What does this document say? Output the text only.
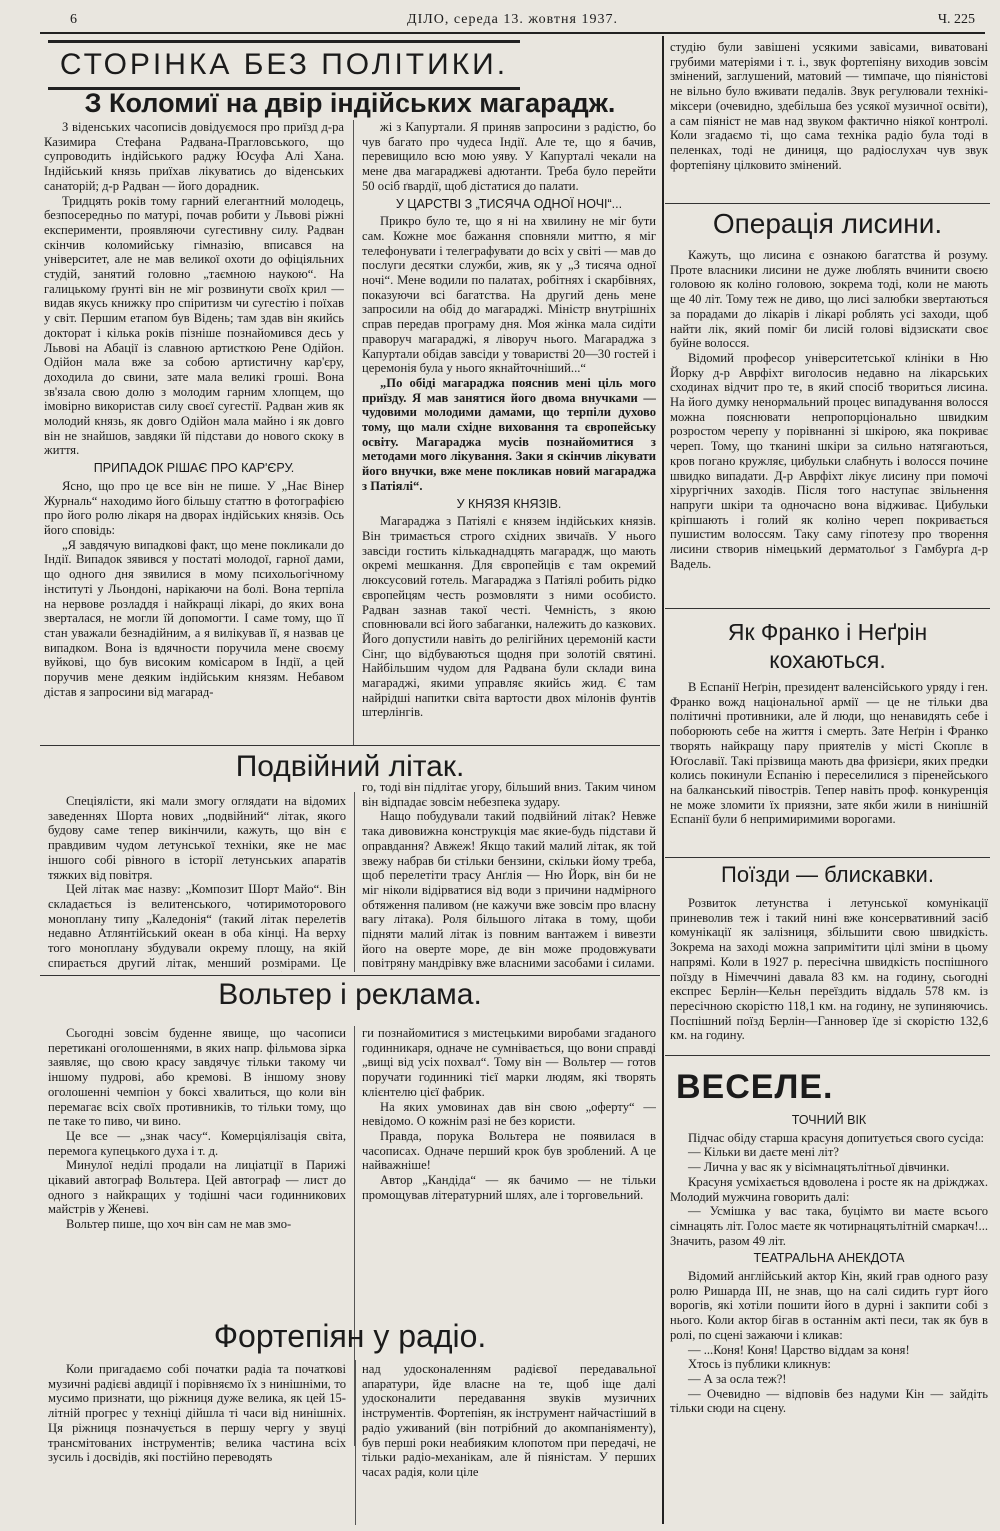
6	ДІЛО, середа 13. жовтня 1937.	Ч. 225
СТОРІНКА БЕЗ ПОЛІТИКИ.
З Коломиї на двір індійських магарадж.

З віденських часописів довідуємося про приїзд д-ра Казимира Стефана Радвана-Прагловського, що супроводить індійського раджу Юсуфа Алі Хана. Індійський князь приїхав лікуватись до віденських санаторій; д-р Радван — його дорадник.

Тридцять років тому гарний елегантний молодець, безпосередньо по матурі, почав робити у Львові ріжні експерименти, проявляючи сугестивну силу. Радван скінчив коломийську гімназію, вписався на університет, але не мав великої охоти до офіціяльних студій, занятий головно „таємною наукою“. На галицькому ґрунті він не міг розвинути своїх крил — видав якусь книжку про спіритизм чи сугестію і поїхав у світ. Першим етапом був Відень; там здав він якийсь докторат і кілька років пізніше познайомився десь у Львові на Абації із славною артисткою Рене Одійон. Одійон мала вже за собою артистичну кар'єру, доходила до свини, зате мала великі гроші. Вона зв'язала свою долю з молодим гарним хлопцем, що імовірно використав силу своєї сугестії. Радван жив як молодий князь, як довго Одійон мала майно і як довго він не знайшов, завдяки їй підстави до нового скоку в життя.

ПРИПАДОК РІШАЄ ПРО КАР'ЄРУ.

Ясно, що про це все він не пише. У „Нає Вінер Журналь“ находимо його більшу статтю в фотографією про його ролю лікаря на дворах індійських князів. Ось його сповідь:

„Я завдячую випадкові факт, що мене покликали до Індії. Випадок зявився у постаті молодої, гарної дами, що одного дня зявилися в мому психольогічному інституті у Льондоні, нарікаючи на болі. Вона терпіла на нервове розладдя і найкращі лікарі, до яких вона зверталася, не могли їй допомогти. І саме тому, що її стан уважали безнадійним, а я вилікував її, я назвав це випадком. Вона із вдячности поручила мене своєму вуйкові, що був високим комісаром в Індії, а цей поручив мене деяким індійським князям. Небавом дістав я запросини від магарад-

жі з Капуртали. Я приняв запросини з радістю, бо чув багато про чудеса Індії. Але те, що я бачив, перевищило всю мою уяву. У Капурталі чекали на мене два магараджеві адютанти. Треба було перейти 50 осіб ґвардії, щоб дістатися до палати.

У ЦАРСТВІ З „ТИСЯЧА ОДНОЇ НОЧІ“...

Прикро було те, що я ні на хвилину не міг бути сам. Кожне моє бажання сповняли миттю, я міг телефонувати і телеграфувати до всіх у світі — мав до послуги десятки служби, жив, як у „З тисяча одної ночі“. Мене водили по палатах, робітнях і скарбівнях, показуючи всі багатства. На другий день мене запросили на обід до магараджі. Міністр внутрішніх справ передав програму дня. Моя жінка мала сидіти праворуч магараджі, я ліворуч нього. Магараджа з Капуртали обідав завсіди у товаристві 20—30 гостей і церемонія була у нього якнайточніший...“

„По обіді магараджа пояснив мені ціль мого приїзду. Я мав занятися його двома внучками — чудовими молодими дамами, що терпіли духово тому, що мали східне виховання та європейську освіту. Магараджа мусів познайомитися з методами мого лікування. Заки я скінчив лікувати його внучки, вже мене покликав новий магараджа з Патіялі“.

У КНЯЗЯ КНЯЗІВ.

Магараджа з Патіялі є князем індійських князів. Він тримається строго східних звичаїв. У нього завсіди гостить кількаднадцять магарадж, що мають окремі мешкання. Для європейців є там окремий люксусовий готель. Магараджа з Патіялі робить рідко європейцям честь розмовляти з ними особисто. Радван зазнав такої честі. Чемність, з якою сповнювали всі його забаганки, належить до казкових. Його допустили навіть до релігійних церемоній касти Сінг, що відбуваються щодня при золотій святині. Найбільшим чудом для Радвана були склади вина магараджі, якими управляє якийсь жид. Є там найрідші напитки світа вартости двох мілонів фунтів штерлінгів.

студію були завішені усякими завісами, виватовані грубими матеріями і т. і., звук фортепіяну виходив зовсім змінений, заглушений, матовий — тимпаче, що піяністові не вільно було вживати педалів. Звук регулювали технікі-міксери (очевидно, здебільша без усякої музичної освіти), а сам піяніст не мав над звуком фактично ніякої контролі. Коли згадаємо ті, що сама техніка радіо була тоді в пеленках, тоді не диниця, що радіослухач чув звук фортепіяну цілковито змінений.

Операція лисини.

Кажуть, що лисина є ознакою багатства й розуму. Проте власники лисини не дуже люблять вчинити своєю головою як коліно головою, зокрема тоді, коли не мають ще 40 літ. Тому теж не диво, що лисі залюбки звертаються за порадами до лікарів і лікарі роблять усі заходи, щоб найти лік, який поміг би лисій голові відзискати своє буйне волосся.

Відомий професор університетської клініки в Ню Йорку д-р Аврфіхт виголосив недавно на лікарських сходинах відчит про те, в який спосіб твориться лисина. На його думку ненормальний процес випадування волосся можна пояснювати непропорціонально швидким розростом черепу у порівнанні зі шкірою, яка покриває череп. Тому, що тканині шкіри за сильно натягаються, кров погано кружляє, цибульки слабнуть і волосся почине швидко випадати. Д-р Аврфіхт лікує лисину при помочі хірургічних заходів. Після того наступає звільнення напруги шкіри та одночасно вона відживає. Цибульки кріпшають і голий як коліно череп покривається пушистим волоссям. Таку саму гіпотезу про творення лисини створив німецький дерматольоґ з Гамбурґа д-р Вадель.

Як Франко і Неґрін
кохаються.

В Еспанії Неґрін, президент валенсійського уряду і ген. Франко вожд національної армії — це не тільки два політичні противники, але й люди, що ненавидять себе і поборюють себе на життя і смерть. Зате Неґрін і Франко творять найкращу пару приятелів у місті Скоплє в Юґославії. Такі прізвища мають два фризієри, яких предки колись покинули Еспанію і переселилися з піренейського на балканський півострів. Тепер навіть проф. конкуренція не може зломити їх приязни, зате якби жили в нинішній Еспанії були б непримиримими ворогами.

Поїзди — блискавки.

Розвиток летунства і летунської комунікації приневолив теж і такий нині вже консервативний засіб комунікації як залізниця, збільшити свою швидкість. Зокрема на заході можна запримітити цілі зміни в цьому напрямі. Коли в 1927 р. пересічна швидкість поспішного поїзду в Німеччині давала 83 км. на годину, сьогодні експрес Берлін—Кельн переїздить віддаль 578 км. із пересічною скорістю 118,1 км. на годину, не зупиняючись. Поспішний поїзд Берлін—Ганновер їде зі скорістю 132,6 км. на годину.

ВЕСЕЛЕ.

ТОЧНИЙ ВІК

Підчас обіду старша красуня допитується свого сусіда:

— Кільки ви даєте мені літ?

— Лична у вас як у вісімнацятьлітньої дівчинки.

Красуня усміхається вдоволена і росте як на дріжджах. Молодий мужчина говорить далі:

— Усмішка у вас така, буцімто ви маєте всього сімнацять літ. Голос маєте як чотирнацятьлітній смаркач!... Значить, разом 49 літ.

ТЕАТРАЛЬНА АНЕКДОТА

Відомий англійський актор Кін, який грав одного разу ролю Ришарда III, не знав, що на салі сидить гурт його ворогів, які хотіли пошити його в дурні і закпити собі з нього. Коли актор бігав в останнім акті песи, так як був в ролі, по сцені зажаючи і кликав:

— ...Коня! Коня! Царство віддам за коня!

Хтось із публики кликнув:

— А за осла теж?!

— Очевидно — відповів без надуми Кін — зайдіть тільки сюди на сцену.

Подвійний літак.

Спеціялісти, які мали змогу оглядати на відомих заведеннях Шорта нових „подвійний“ літак, якого будову саме тепер викінчили, кажуть, що він є правдивим чудом летунської техніки, яке не має іншого собі рівного в історії летунських апаратів тяжких від повітря.

Цей літак має назву: „Композит Шорт Майо“. Він складається із велитенського, чотиримоторового моноплану типу „Каледонія“ (такий літак перелетів недавно Атлянтійський океан в оба кінці. На верху того моноплану збудували окрему площу, на якій спирається другий літак, менший розмірами. Це

го, тоді він підлітає угору, більший вниз. Таким чином він відпадає зовсім небезпека зудару.

Нащо побудували такий подвійний літак? Невже така дивовижна конструкція має якие-будь підстави й оправдання? Авжеж! Якщо такий малий літак, як той звежу набрав би стільки бензини, скільки йому треба, щоб перелетіти трасу Анґлія — Ню Йорк, він би не міг ніколи відірватися від води з причини надмірного обтяження паливом (не кажучи вже зовсім про власну вагу літака). Роля більшого літака в тому, щоби підняти малий літак із повним вантажем і вивезти його на оверте море, де він може продовжувати повітряну мандрівку вже власними засобами і силами.

Вольтер і реклама.

Сьогодні зовсім буденне явище, що часописи перетикані оголошеннями, в яких напр. фільмова зірка заявляє, що свою красу завдячує тільки такому чи іншому пудрові, або кремові. В іншому знову оголошенні чемпіон у боксі хвалиться, що коли він перемагає всіх своїх противників, то тільки тому, що пе таке то пиво, чи вино.

Це все — „знак часу“. Комерціялізація світа, перемога купецького духа і т. д.

Минулої неділі продали на лиціатції в Парижі цікавий автограф Вольтера. Цей автограф — лист до одного з найкращих у тодішні часи годинникових майстрів у Женеві.

Вольтер пише, що хоч він сам не мав змо-

ги познайомитися з мистецькими виробами згаданого годинникаря, одначе не сумнівається, що вони справді „вищі від усіх похвал“. Тому він — Вольтер — готов поручати годинникі тієї марки людям, які творять клієнтелю цієї фабрик.

На яких умовинах дав він свою „оферту“ — невідомо. О кожнім разі не без користи.

Правда, порука Вольтера не появилася в часописах. Одначе перший крок був зроблений. А це найважніше!

Автор „Кандіда“ — як бачимо — не тільки промощував літературний шлях, але і торговельний.

Фортепіян у радіо.

Коли пригадаємо собі початки радіа та початкові музичні радієві авдиції і порівняємо їх з нинішніми, то мусимо признати, що ріжниця дуже велика, як цей 15-літній прогрес у техніці дійшла ті часи від нинішніх. Ця ріжниця позначується в першу чергу у звуці трансмітованих інструментів; велика частина всіх зусиль і досвідів, які постійно переводять

над удосконаленням радієвої передавальної апаратури, йде власне на те, щоб іще далі удосконалити передавання звуків музичних інструментів. Фортепіян, як інструмент найчастіший в радіо уживаний (він потрібний до акомпаніяменту), був перші роки неабияким клопотом при передачі, не тільки радіо-механікам, але й піяністам. У перших часах радія, коли ціле
